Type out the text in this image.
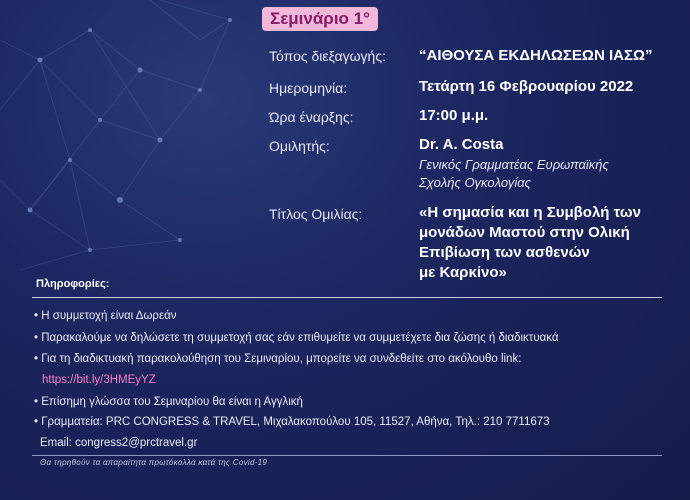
Σεμινάριο 1°
Τόπος διεξαγωγής: “ΑΙΘΟΥΣΑ ΕΚΔΗΛΩΣΕΩΝ ΙΑΣΩ”
Ημερομηνία:	Τετάρτη 16 Φεβρουαρίου 2022
Ώρα έναρξης:	17:00 μ.μ.
Ομιλητής:	Dr. A. Costa
Γενικός Γραμματέας Ευρωπαϊκής
Σχολής Ογκολογίας
Τίτλος Ομιλίας:	«Η σημασία και η Συμβολή των
μονάδων Μαστού στην Ολική
Επιβίωση των ασθενών
με Καρκίνο»
Πληροφορίες:
• Η συμμετοχή είναι Δωρεάν
• Παρακαλούμε να δηλώσετε τη συμμετοχή σας εάν επιθυμείτε να συμμετέχετε δια ζώσης ή διαδικτυακά
• Για τη διαδικτυακή παρακολούθηση του Σεμιναρίου, μπορείτε να συνδεθείτε στο ακόλουθο link:
https://bit.ly/3HMEyYZ
• Επίσημη γλώσσα του Σεμιναρίου θα είναι η Αγγλική
• Γραμματεία: PRC CONGRESS & TRAVEL, Μιχαλακοπούλου 105, 11527, Αθήνα, Τηλ.: 210 7711673
Email: congress2@prctravel.gr
Θα τηρηθούν τα απαραίτητα πρωτόκολλα κατά της Covid-19
